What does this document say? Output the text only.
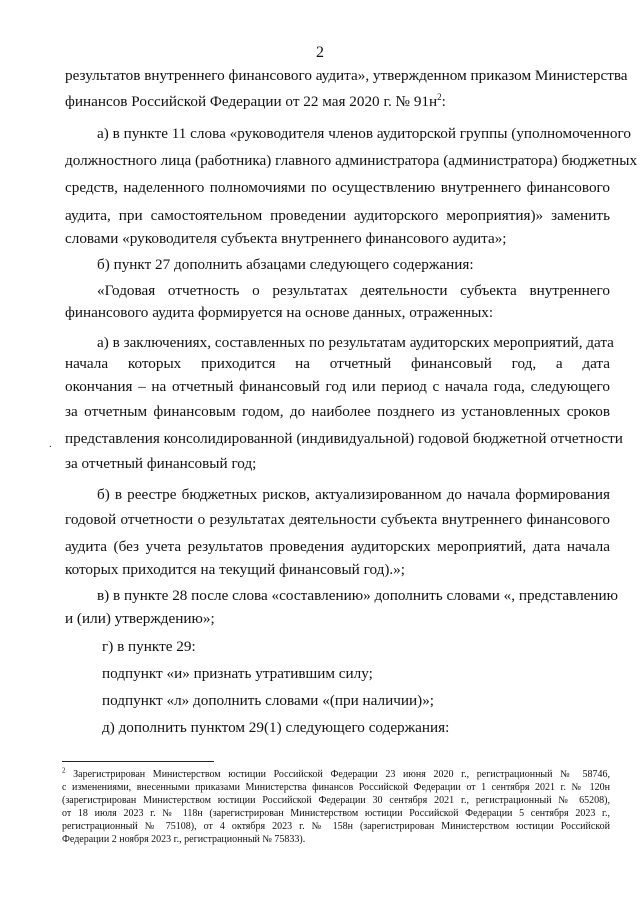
2
результатов внутреннего финансового аудита», утвержденном приказом Министерства
финансов Российской Федерации от 22 мая 2020 г. № $91н^2$:
а) в пункте 11 слова «руководителя членов аудиторской группы (уполномоченного
должностного лица (работника) главного администратора (администратора) бюджетных
средств, наделенного полномочиями по осуществлению внутреннего финансового
аудита, при самостоятельном проведении аудиторского мероприятия)» заменить
словами «руководителя субъекта внутреннего финансового аудита»;
б) пункт 27 дополнить абзацами следующего содержания:
«Годовая отчетность о результатах деятельности субъекта внутреннего
финансового аудита формируется на основе данных, отраженных:
а) в заключениях, составленных по результатам аудиторских мероприятий, дата
начала которых приходится на отчетный финансовый год, а дата
окончания – на отчетный финансовый год или период с начала года, следующего
за отчетным финансовым годом, до наиболее позднего из установленных сроков
представления консолидированной (индивидуальной) годовой бюджетной отчетности
за отчетный финансовый год;
б) в реестре бюджетных рисков, актуализированном до начала формирования
годовой отчетности о результатах деятельности субъекта внутреннего финансового
аудита (без учета результатов проведения аудиторских мероприятий, дата начала
которых приходится на текущий финансовый год).»;
в) в пункте 28 после слова «составлению» дополнить словами «, представлению
и (или) утверждению»;
г) в пункте 29:
подпункт «и» признать утратившим силу;
подпункт «л» дополнить словами «(при наличии)»;
д) дополнить пунктом 29(1) следующего содержания:
.
$^2$ Зарегистрирован Министерством юстиции Российской Федерации 23 июня 2020 г., регистрационный № 58746,
с изменениями, внесенными приказами Министерства финансов Российской Федерации от 1 сентября 2021 г. № 120н
(зарегистрирован Министерством юстиции Российской Федерации 30 сентября 2021 г., регистрационный № 65208),
от 18 июля 2023 г. № 118н (зарегистрирован Министерством юстиции Российской Федерации 5 сентября 2023 г.,
регистрационный № 75108), от 4 октября 2023 г. № 158н (зарегистрирован Министерством юстиции Российской
Федерации 2 ноября 2023 г., регистрационный № 75833).
